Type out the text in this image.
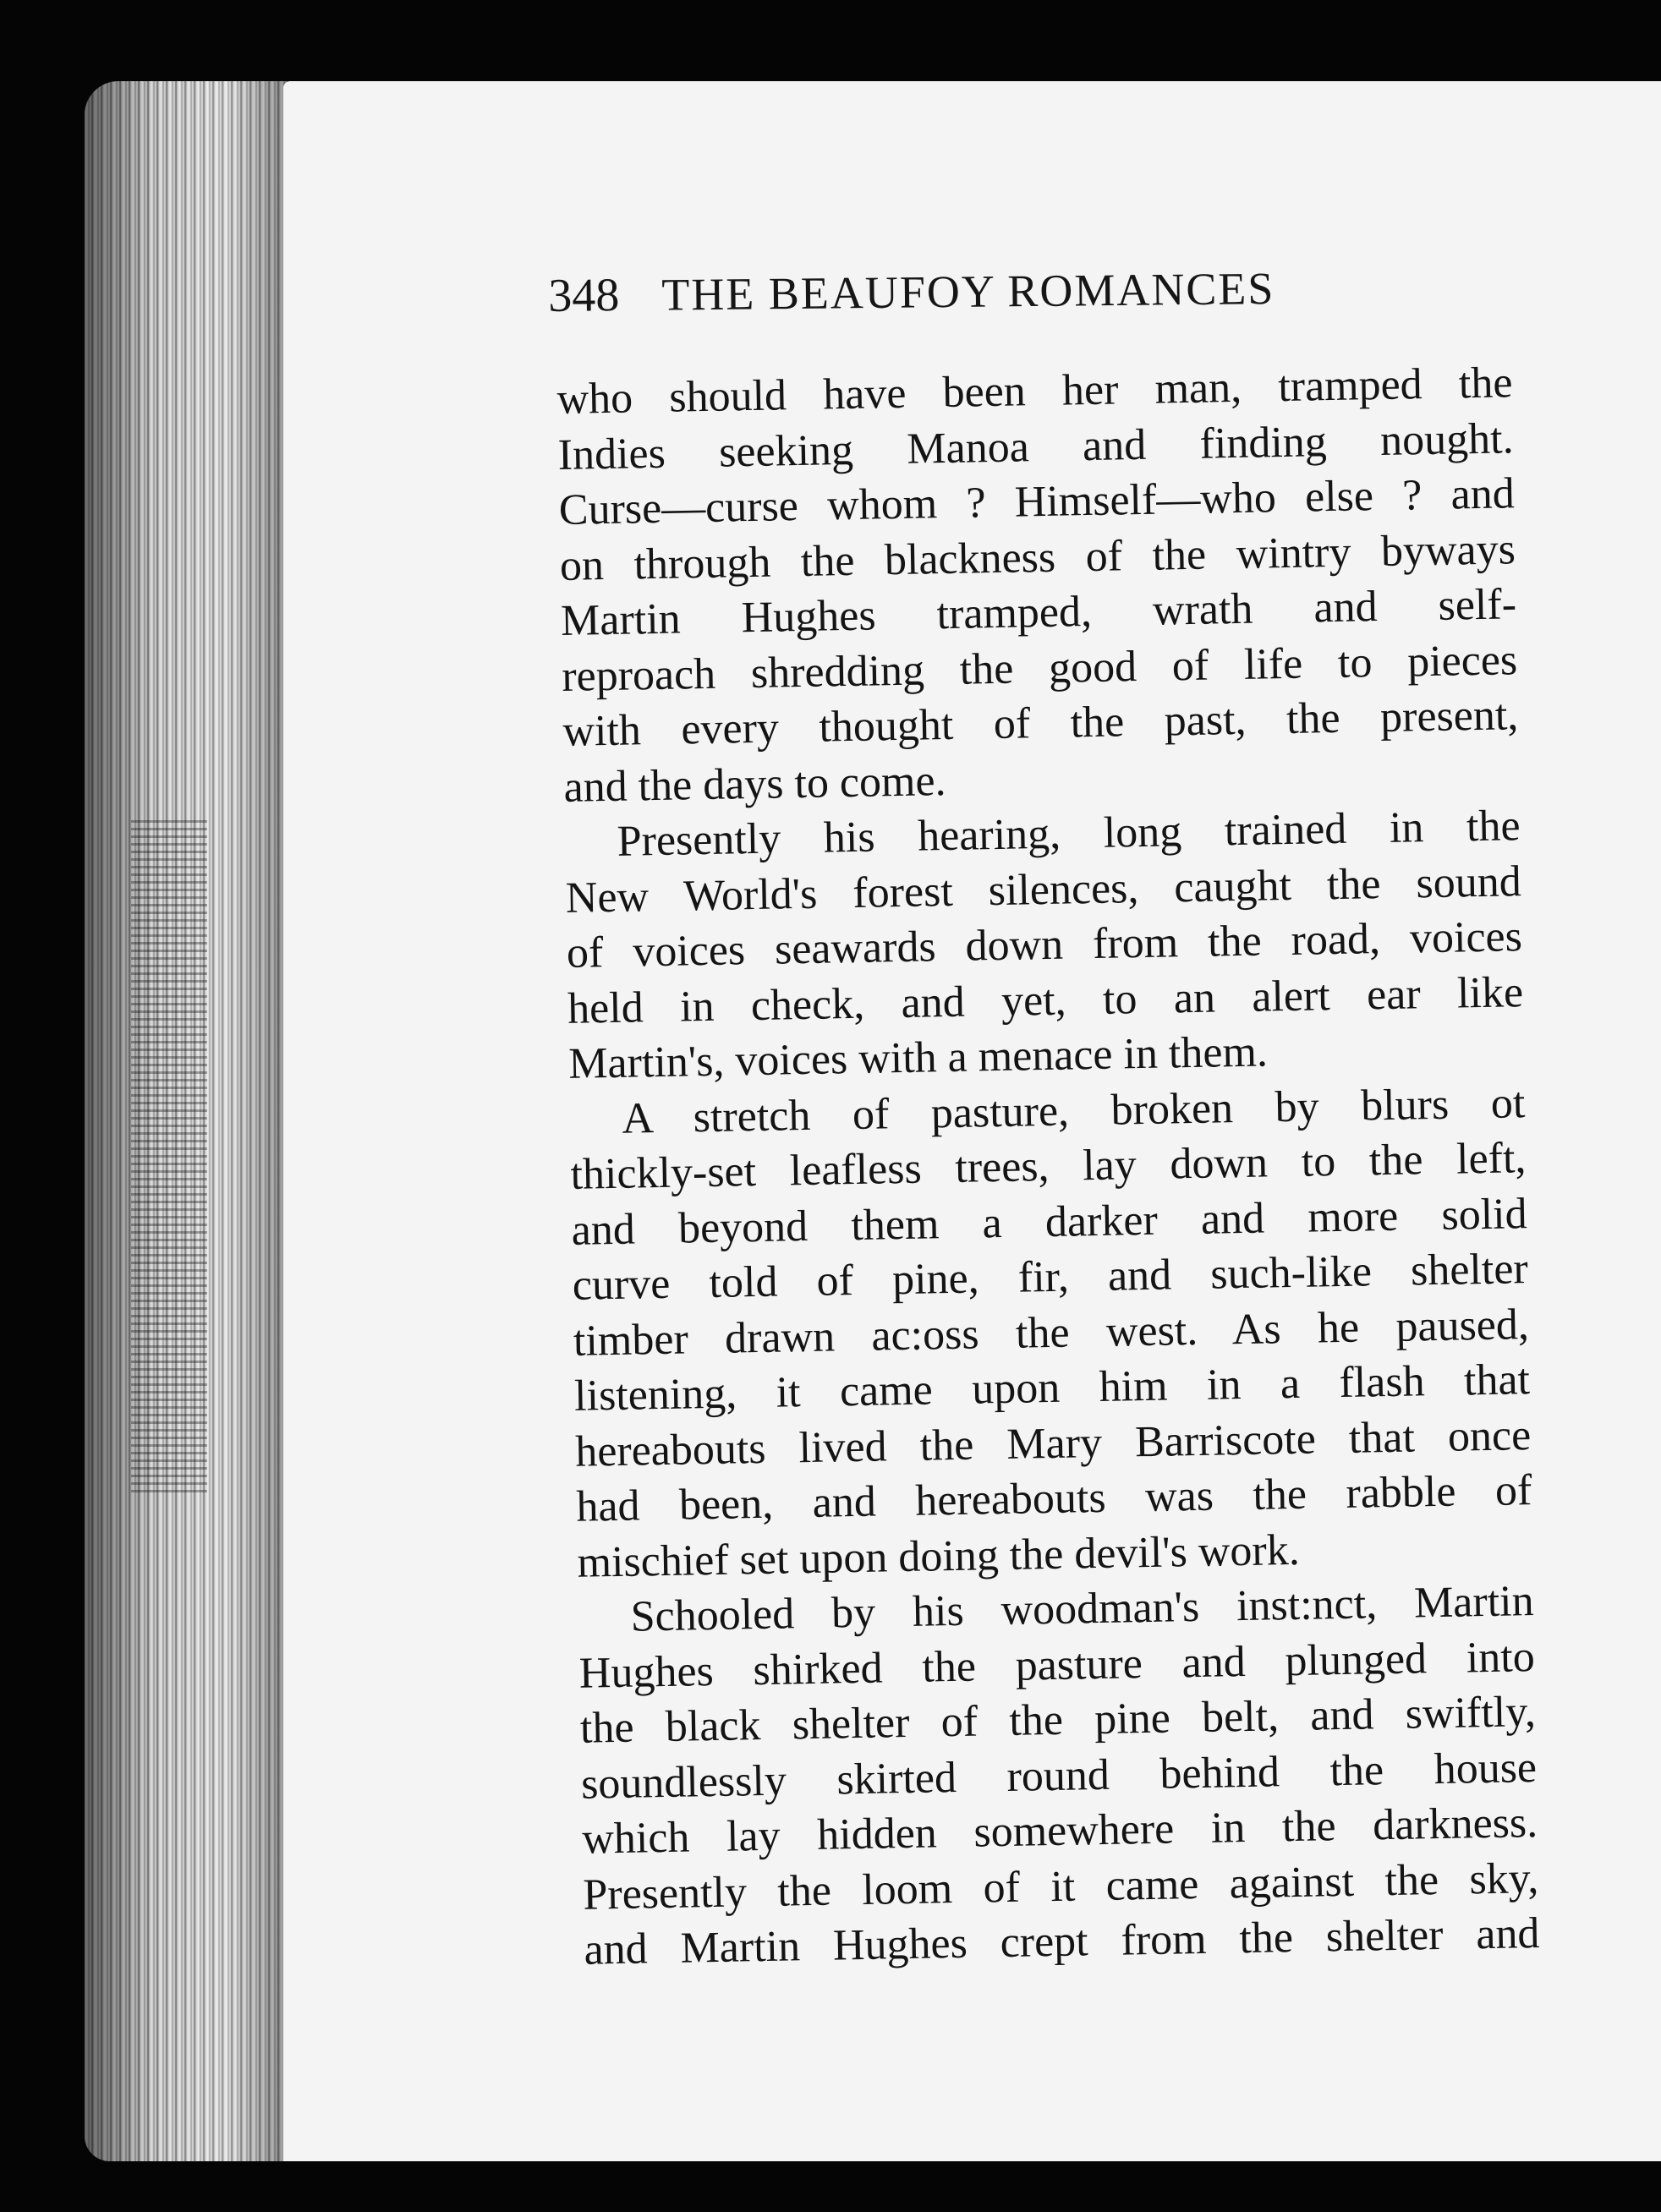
348 THE BEAUFOY ROMANCES
who should have been her man, tramped the
Indies seeking Manoa and finding nought.
Curse—curse whom ? Himself—who else ? and
on through the blackness of the wintry byways
Martin Hughes tramped, wrath and self-
reproach shredding the good of life to pieces
with every thought of the past, the present,
and the days to come.
Presently his hearing, long trained in the
New World's forest silences, caught the sound
of voices seawards down from the road, voices
held in check, and yet, to an alert ear like
Martin's, voices with a menace in them.
A stretch of pasture, broken by blurs ot
thickly-set leafless trees, lay down to the left,
and beyond them a darker and more solid
curve told of pine, fir, and such-like shelter
timber drawn ac:oss the west. As he paused,
listening, it came upon him in a flash that
hereabouts lived the Mary Barriscote that once
had been, and hereabouts was the rabble of
mischief set upon doing the devil's work.
Schooled by his woodman's inst:nct, Martin
Hughes shirked the pasture and plunged into
the black shelter of the pine belt, and swiftly,
soundlessly skirted round behind the house
which lay hidden somewhere in the darkness.
Presently the loom of it came against the sky,
and Martin Hughes crept from the shelter and
